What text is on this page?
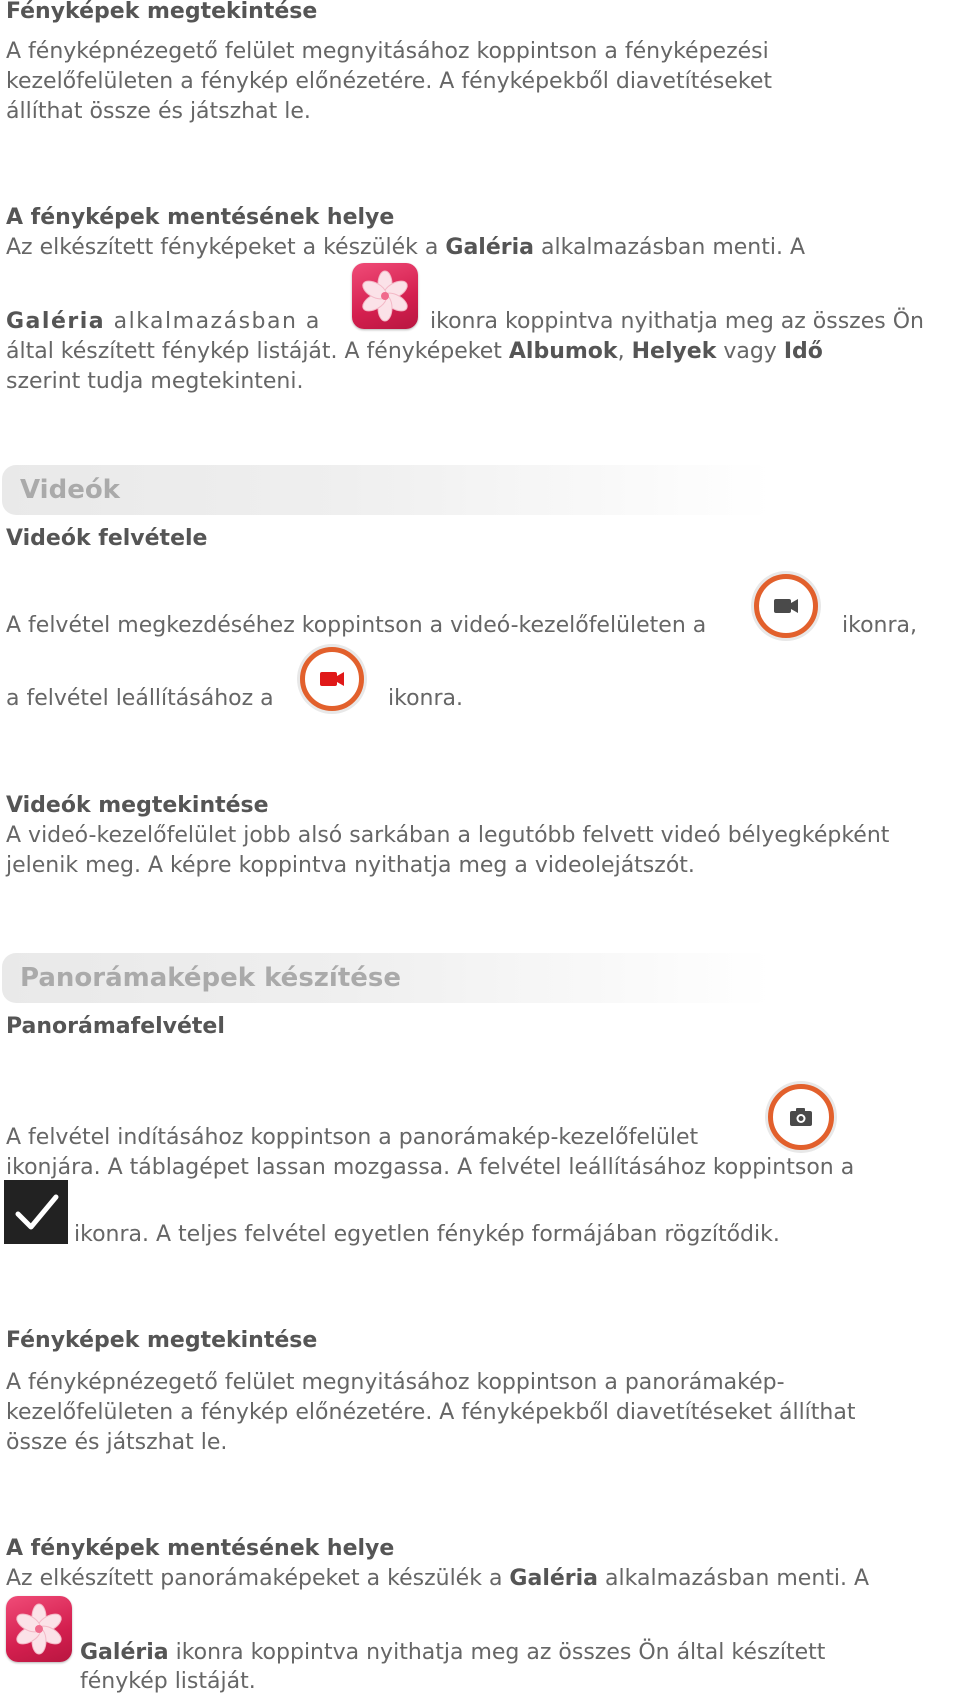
Fényképek megtekintése
A fényképnézegető felület megnyitásához koppintson a fényképezési
kezelőfelületen a fénykép előnézetére. A fényképekből diavetítéseket
állíthat össze és játszhat le.
A fényképek mentésének helye
Az elkészített fényképeket a készülék a Galéria alkalmazásban menti. A
Galéria alkalmazásban a	ikonra koppintva nyithatja meg az összes Ön
által készített fénykép listáját. A fényképeket Albumok, Helyek vagy Idő
szerint tudja megtekinteni.
Videók
Videók felvétele
A felvétel megkezdéséhez koppintson a videó-kezelőfelületen a	ikonra,
a felvétel leállításához a	ikonra.
Videók megtekintése
A videó-kezelőfelület jobb alsó sarkában a legutóbb felvett videó bélyegképként
jelenik meg. A képre koppintva nyithatja meg a videolejátszót.
Panorámaképek készítése
Panorámafelvétel
A felvétel indításához koppintson a panorámakép-kezelőfelület
ikonjára. A táblagépet lassan mozgassa. A felvétel leállításához koppintson a
ikonra. A teljes felvétel egyetlen fénykép formájában rögzítődik.
Fényképek megtekintése
A fényképnézegető felület megnyitásához koppintson a panorámakép-
kezelőfelületen a fénykép előnézetére. A fényképekből diavetítéseket állíthat
össze és játszhat le.
A fényképek mentésének helye
Az elkészített panorámaképeket a készülék a Galéria alkalmazásban menti. A
Galéria ikonra koppintva nyithatja meg az összes Ön által készített
fénykép listáját.
